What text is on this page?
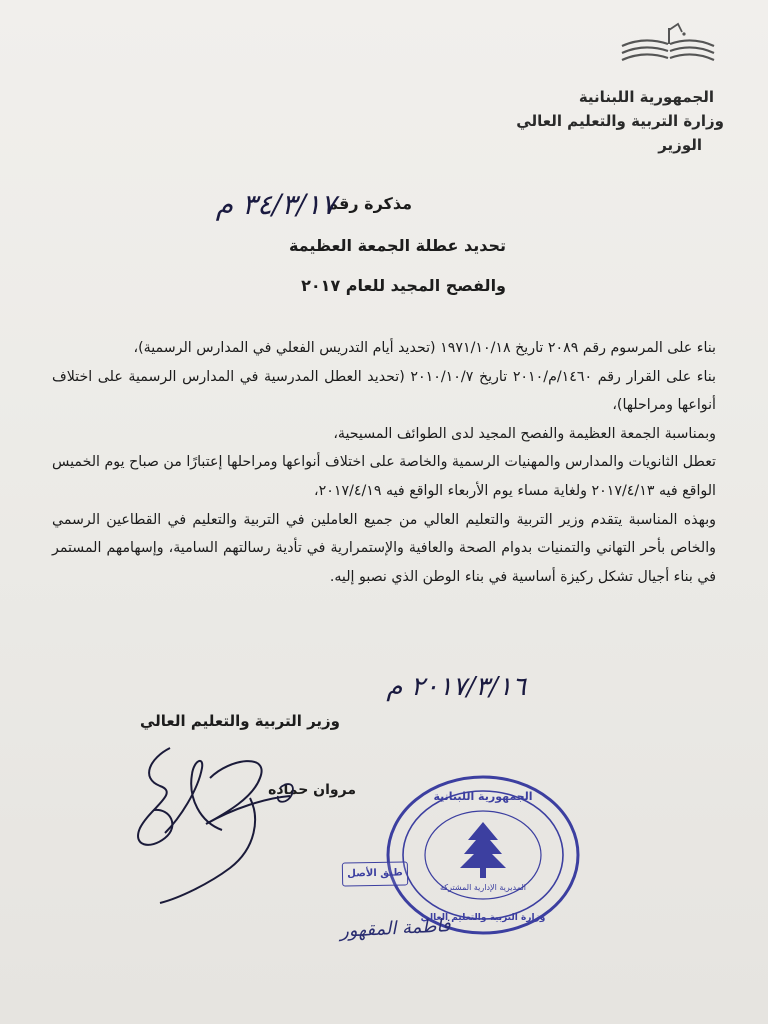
الجمهورية اللبنانية
وزارة التربية والتعليم العالي
الوزير
مذكرة رقم
٣٤/٣/١٧ م
تحديد عطلة الجمعة العظيمة
والفصح المجيد للعام ٢٠١٧

بناء على المرسوم رقم ٢٠٨٩ تاريخ ١٩٧١/١٠/١٨ (تحديد أيام التدريس الفعلي في المدارس الرسمية)،

بناء على القرار رقم ١٤٦٠/م/٢٠١٠ تاريخ ٢٠١٠/١٠/٧ (تحديد العطل المدرسية في المدارس الرسمية على اختلاف أنواعها ومراحلها)،

وبمناسبة الجمعة العظيمة والفصح المجيد لدى الطوائف المسيحية،

تعطل الثانويات والمدارس والمهنيات الرسمية والخاصة على اختلاف أنواعها ومراحلها إعتبارًا من صباح يوم الخميس الواقع فيه ٢٠١٧/٤/١٣ ولغاية مساء يوم الأربعاء الواقع فيه ٢٠١٧/٤/١٩،

وبهذه المناسبة يتقدم وزير التربية والتعليم العالي من جميع العاملين في التربية والتعليم في القطاعين الرسمي والخاص بأحر التهاني والتمنيات بدوام الصحة والعافية والإستمرارية في تأدية رسالتهم السامية، وإسهامهم المستمر في بناء أجيال تشكل ركيزة أساسية في بناء الوطن الذي نصبو إليه.

٢٠١٧/٣/١٦ م
وزير التربية والتعليم العالي
مروان حماده	الجمهورية اللبنانية
المديرية الإدارية المشتركة
وزارة التربية والتعليم العالي
طبق الأصل
فاطمة المقهور
